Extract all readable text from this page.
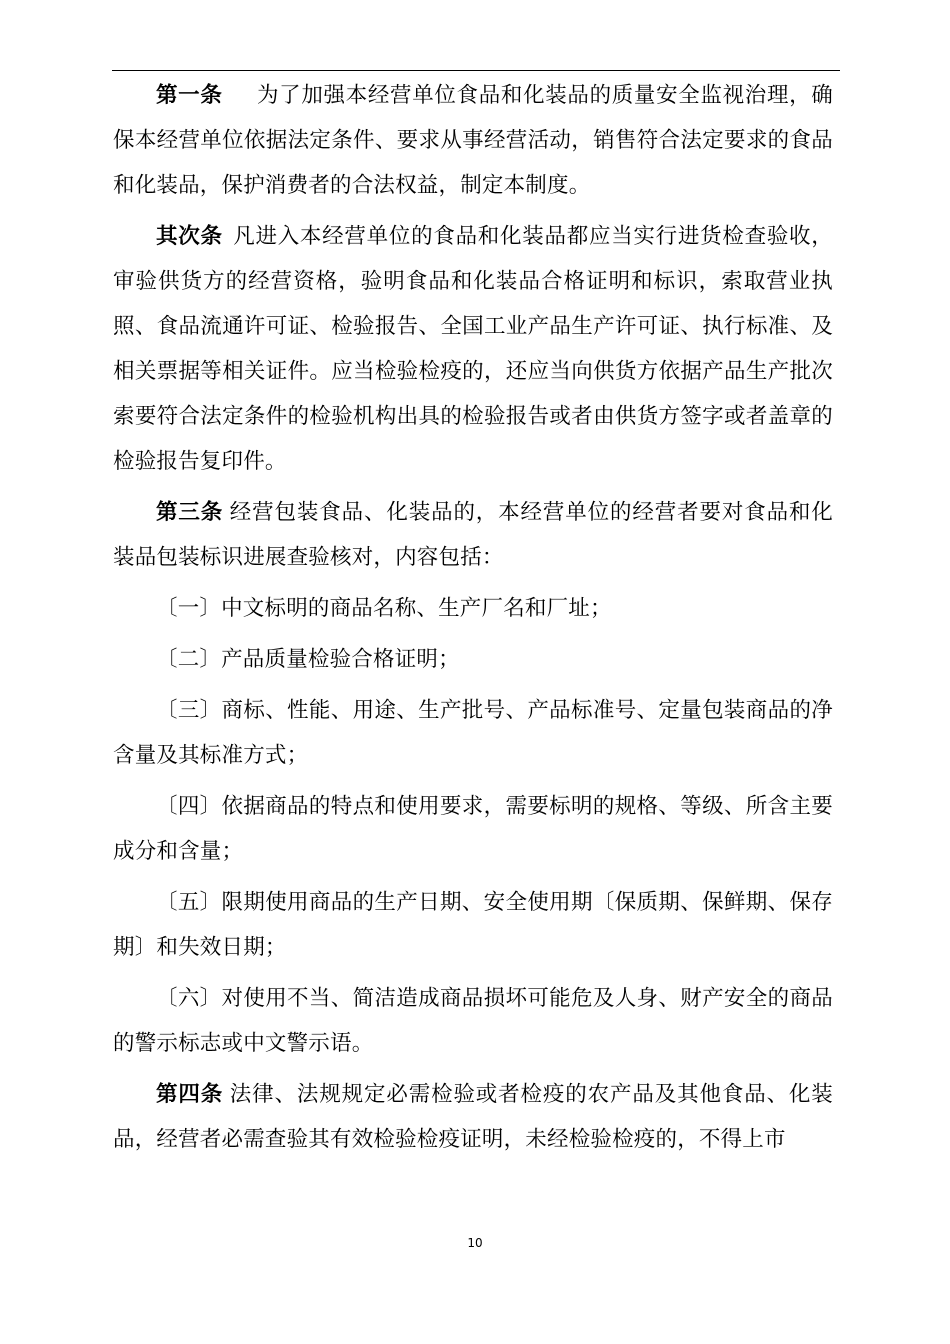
第一条 为了加强本经营单位食品和化装品的质量安全监视治理，确保本经营单位依据法定条件、要求从事经营活动，销售符合法定要求的食品和化装品，保护消费者的合法权益，制定本制度。

其次条 凡进入本经营单位的食品和化装品都应当实行进货检查验收，审验供货方的经营资格，验明食品和化装品合格证明和标识，索取营业执照、食品流通许可证、检验报告、全国工业产品生产许可证、执行标准、及相关票据等相关证件。应当检验检疫的，还应当向供货方依据产品生产批次索要符合法定条件的检验机构出具的检验报告或者由供货方签字或者盖章的检验报告复印件。

第三条 经营包装食品、化装品的，本经营单位的经营者要对食品和化装品包装标识进展查验核对，内容包括：

〔一〕中文标明的商品名称、生产厂名和厂址；

〔二〕产品质量检验合格证明；

〔三〕商标、性能、用途、生产批号、产品标准号、定量包装商品的净含量及其标准方式；

〔四〕依据商品的特点和使用要求，需要标明的规格、等级、所含主要成分和含量；

〔五〕限期使用商品的生产日期、安全使用期〔保质期、保鲜期、保存期〕和失效日期；

〔六〕对使用不当、简洁造成商品损坏可能危及人身、财产安全的商品的警示标志或中文警示语。

第四条 法律、法规规定必需检验或者检疫的农产品及其他食品、化装品，经营者必需查验其有效检验检疫证明，未经检验检疫的，不得上市

10
